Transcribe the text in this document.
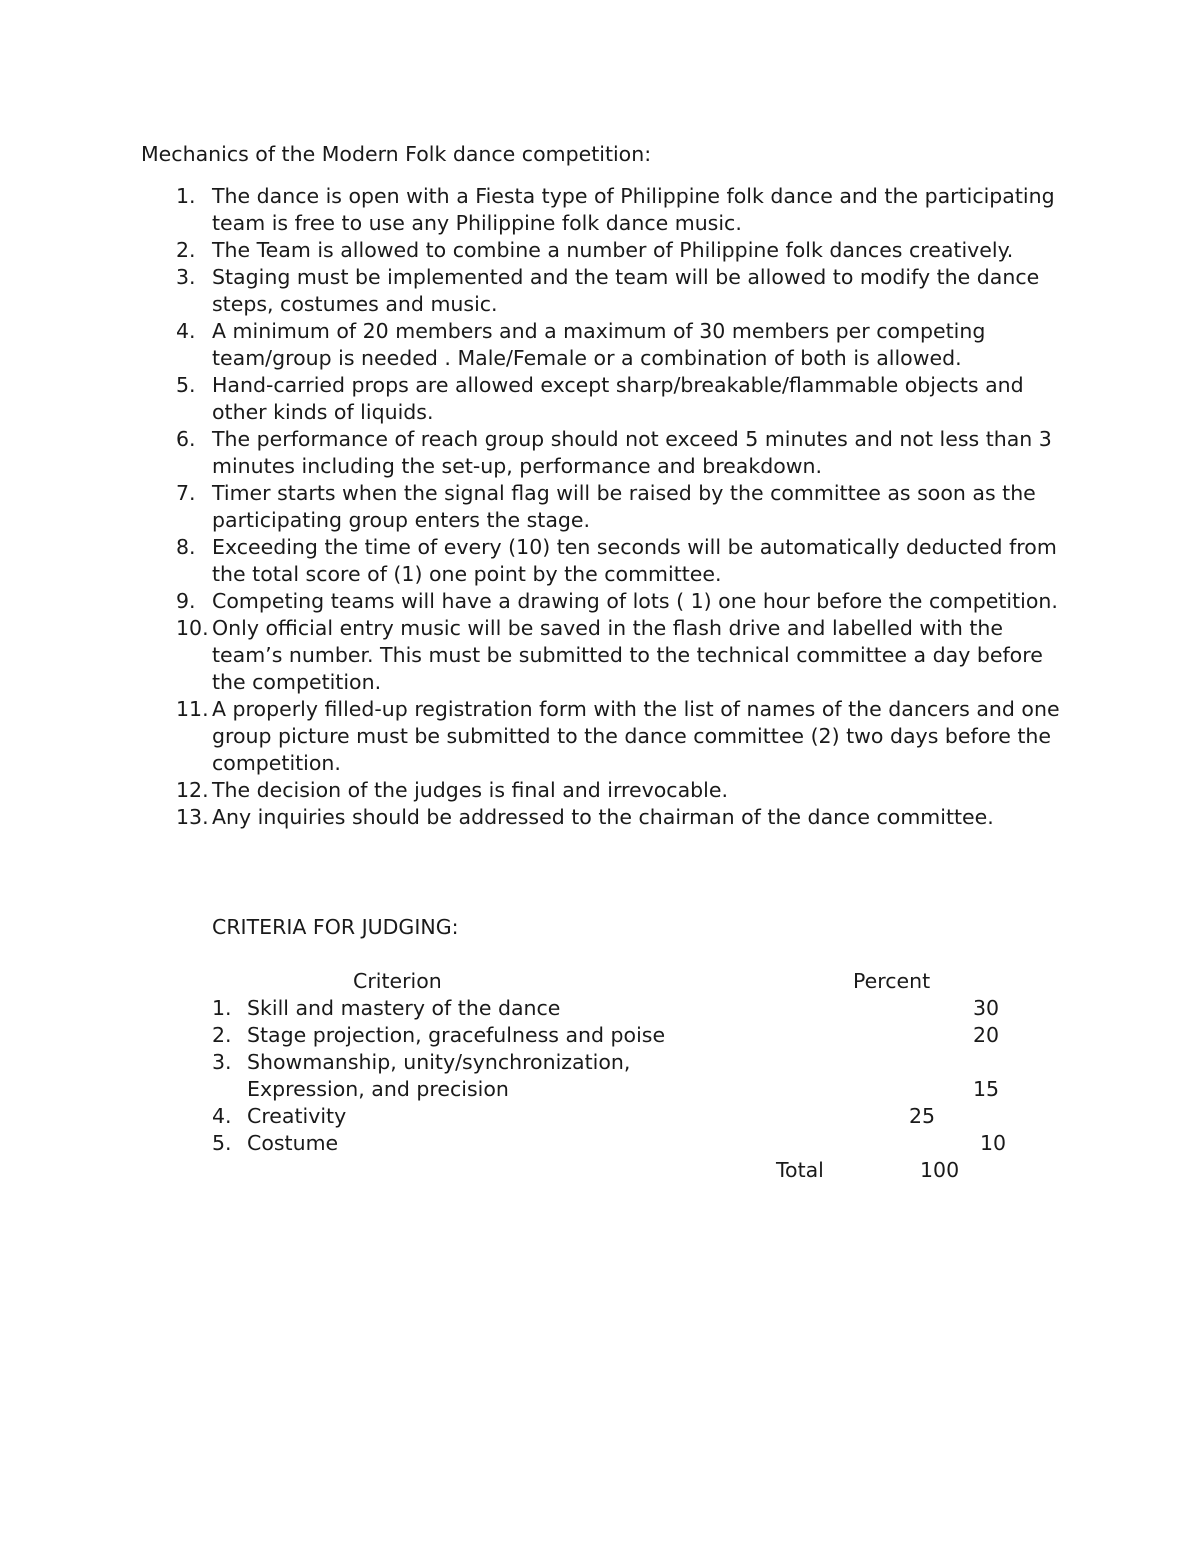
Mechanics of the Modern Folk dance competition:
1. The dance is open with a Fiesta type of Philippine folk dance and the participating team is free to use any Philippine folk dance music.
2. The Team is allowed to combine a number of Philippine folk dances creatively.
3. Staging must be implemented and the team will be allowed to modify the dance steps, costumes and music.
4. A minimum of 20 members and a maximum of 30 members per competing team/group is needed . Male/Female or a combination of both is allowed.
5. Hand-carried props are allowed except sharp/breakable/flammable objects and other kinds of liquids.
6. The performance of reach group should not exceed 5 minutes and not less than 3 minutes including the set-up, performance and breakdown.
7. Timer starts when the signal flag will be raised by the committee as soon as the participating group enters the stage.
8. Exceeding the time of every (10) ten seconds will be automatically deducted from the total score of (1) one point by the committee.
9. Competing teams will have a drawing of lots ( 1) one hour before the competition.
10. Only official entry music will be saved in the flash drive and labelled with the team’s number. This must be submitted to the technical committee a day before the competition.
11. A properly filled-up registration form with the list of names of the dancers and one group picture must be submitted to the dance committee (2) two days before the competition.
12. The decision of the judges is final and irrevocable.
13. Any inquiries should be addressed to the chairman of the dance committee.
CRITERIA FOR JUDGING:
Criterion	Percent
1. Skill and mastery of the dance	30
2. Stage projection, gracefulness and poise	20
3. Showmanship, unity/synchronization,
Expression, and precision	15
4. Creativity	25
5. Costume	10
Total	100
